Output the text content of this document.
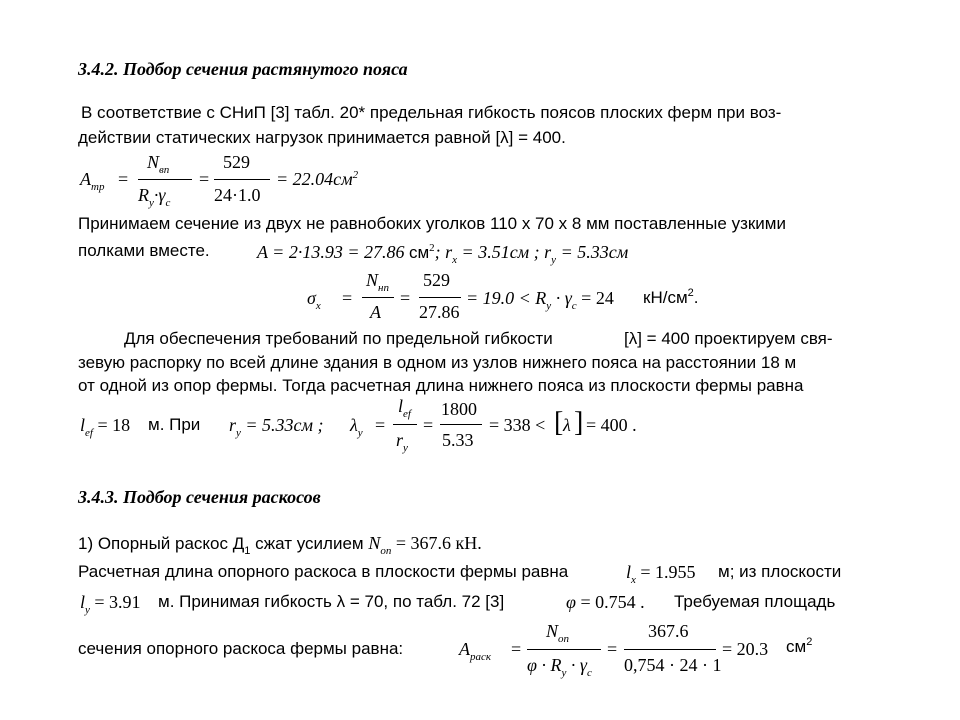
3.4.2. Подбор сечения растянутого пояса
В соответствие с СНиП [3] табл. 20* предельная гибкость поясов плоских ферм при воз-
действии статических нагрузок принимается равной [λ] = 400.
$A_{тр}$ =
$N_{вп}$
$R_y\cdot\gamma_c$
=
529
24·1.0
= $22.04см^2$
Принимаем сечение из двух не равнобоких уголков 110 х 70 х 8 мм поставленные узкими
полками вместе.	A = 2·13.93 = 27.86 $см^2$; $r_x = 3.51см$ ; $r_y = 5.33см$
$\sigma_x$ =
$N_{нп}$
A
=
529
27.86
= $19.0 < R_y \cdot \gamma_c = 24$ $кН/см^2$.
Для обеспечения требований по предельной гибкости	[λ] = 400 проектируем свя-
зевую распорку по всей длине здания в одном из узлов нижнего пояса на расстоянии 18 м
от одной из опор фермы. Тогда расчетная длина нижнего пояса из плоскости фермы равна
$l_{ef} = 18$ м. При $r_y = 5.33см$ ; $\lambda_y$ =
$l_{ef}$
$r_y$
=
1800
5.33
= 338 < [ λ ] = 400 .
3.4.3. Подбор сечения раскосов
1) Опорный раскос $Д_1$ сжат усилием $N_{оп} = 367.6$ кН.
Расчетная длина опорного раскоса в плоскости фермы равна	$l_x = 1.955$ м; из плоскости
$l_y = 3.91$ м. Принимая гибкость λ = 70, по табл. 72 [3]	φ = 0.754 . Требуемая площадь
сечения опорного раскоса фермы равна:	$A_{раск}$ =
$N_{оп}$
$\varphi \cdot R_y \cdot \gamma_c$
=
367.6
0,754 · 24 · 1
= 20.3 $см^2$
